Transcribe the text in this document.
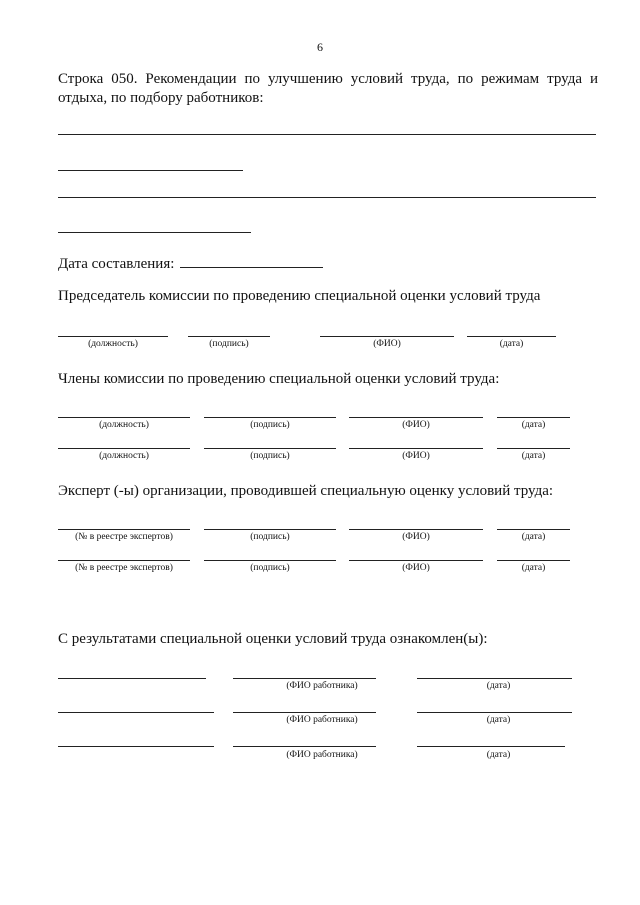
6
Строка 050. Рекомендации по улучшению условий труда, по режимам труда и
отдыха, по подбору работников:
Дата составления:
Председатель комиссии по проведению специальной оценки условий труда
(должность)	(подпись)	(ФИО)	(дата)
Члены комиссии по проведению специальной оценки условий труда:
(должность)	(подпись)	(ФИО)	(дата)
(должность)	(подпись)	(ФИО)	(дата)
Эксперт (-ы) организации, проводившей специальную оценку условий труда:
(№ в реестре экспертов)	(подпись)	(ФИО)	(дата)
(№ в реестре экспертов)	(подпись)	(ФИО)	(дата)
С результатами специальной оценки условий труда ознакомлен(ы):
(ФИО работника)	(дата)
(ФИО работника)	(дата)
(ФИО работника)	(дата)
